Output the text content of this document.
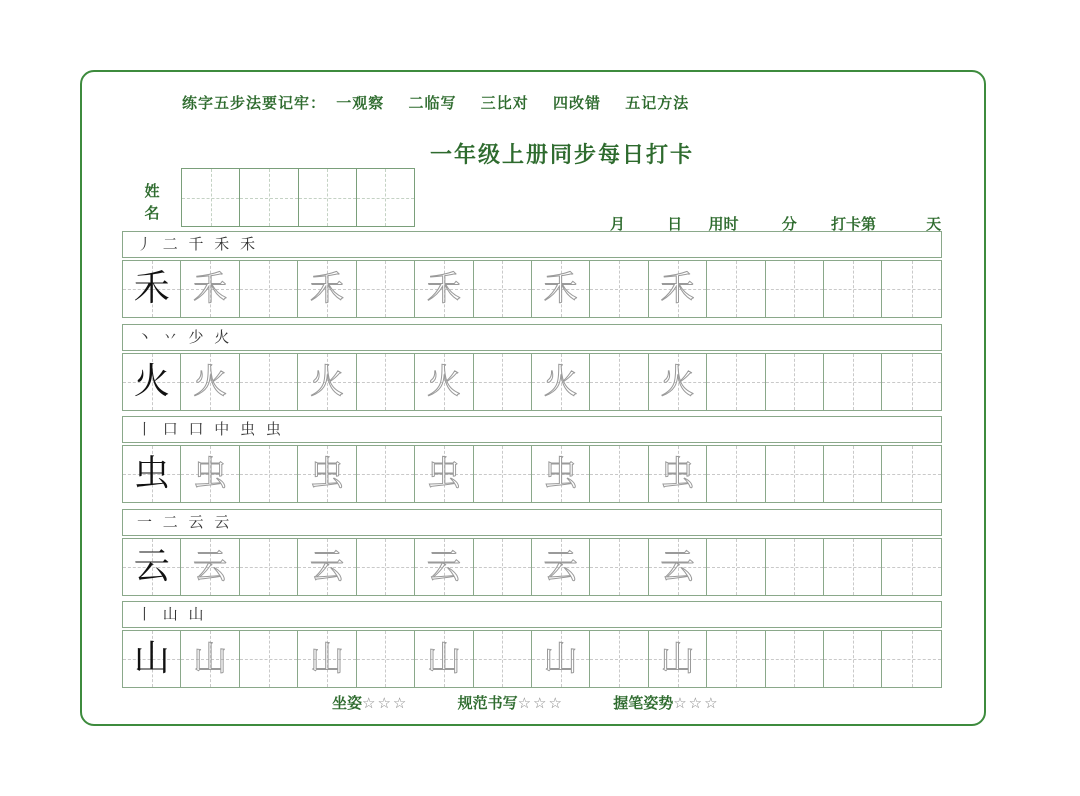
练字五步法要记牢： 一观察 二临写 三比对 四改错 五记方法
一年级上册同步每日打卡
姓
名
月	日 用时	分 打卡第	天
丿 二 千 禾 禾
禾 禾 禾 禾 禾 禾
丶 丷 少 火
火 火 火 火 火 火
丨 口 口 中 虫 虫
虫 虫 虫 虫 虫 虫
一 二 云 云
云 云 云 云 云 云
丨 山 山
山 山 山 山 山 山
坐姿☆☆☆	规范书写☆☆☆	握笔姿势☆☆☆
